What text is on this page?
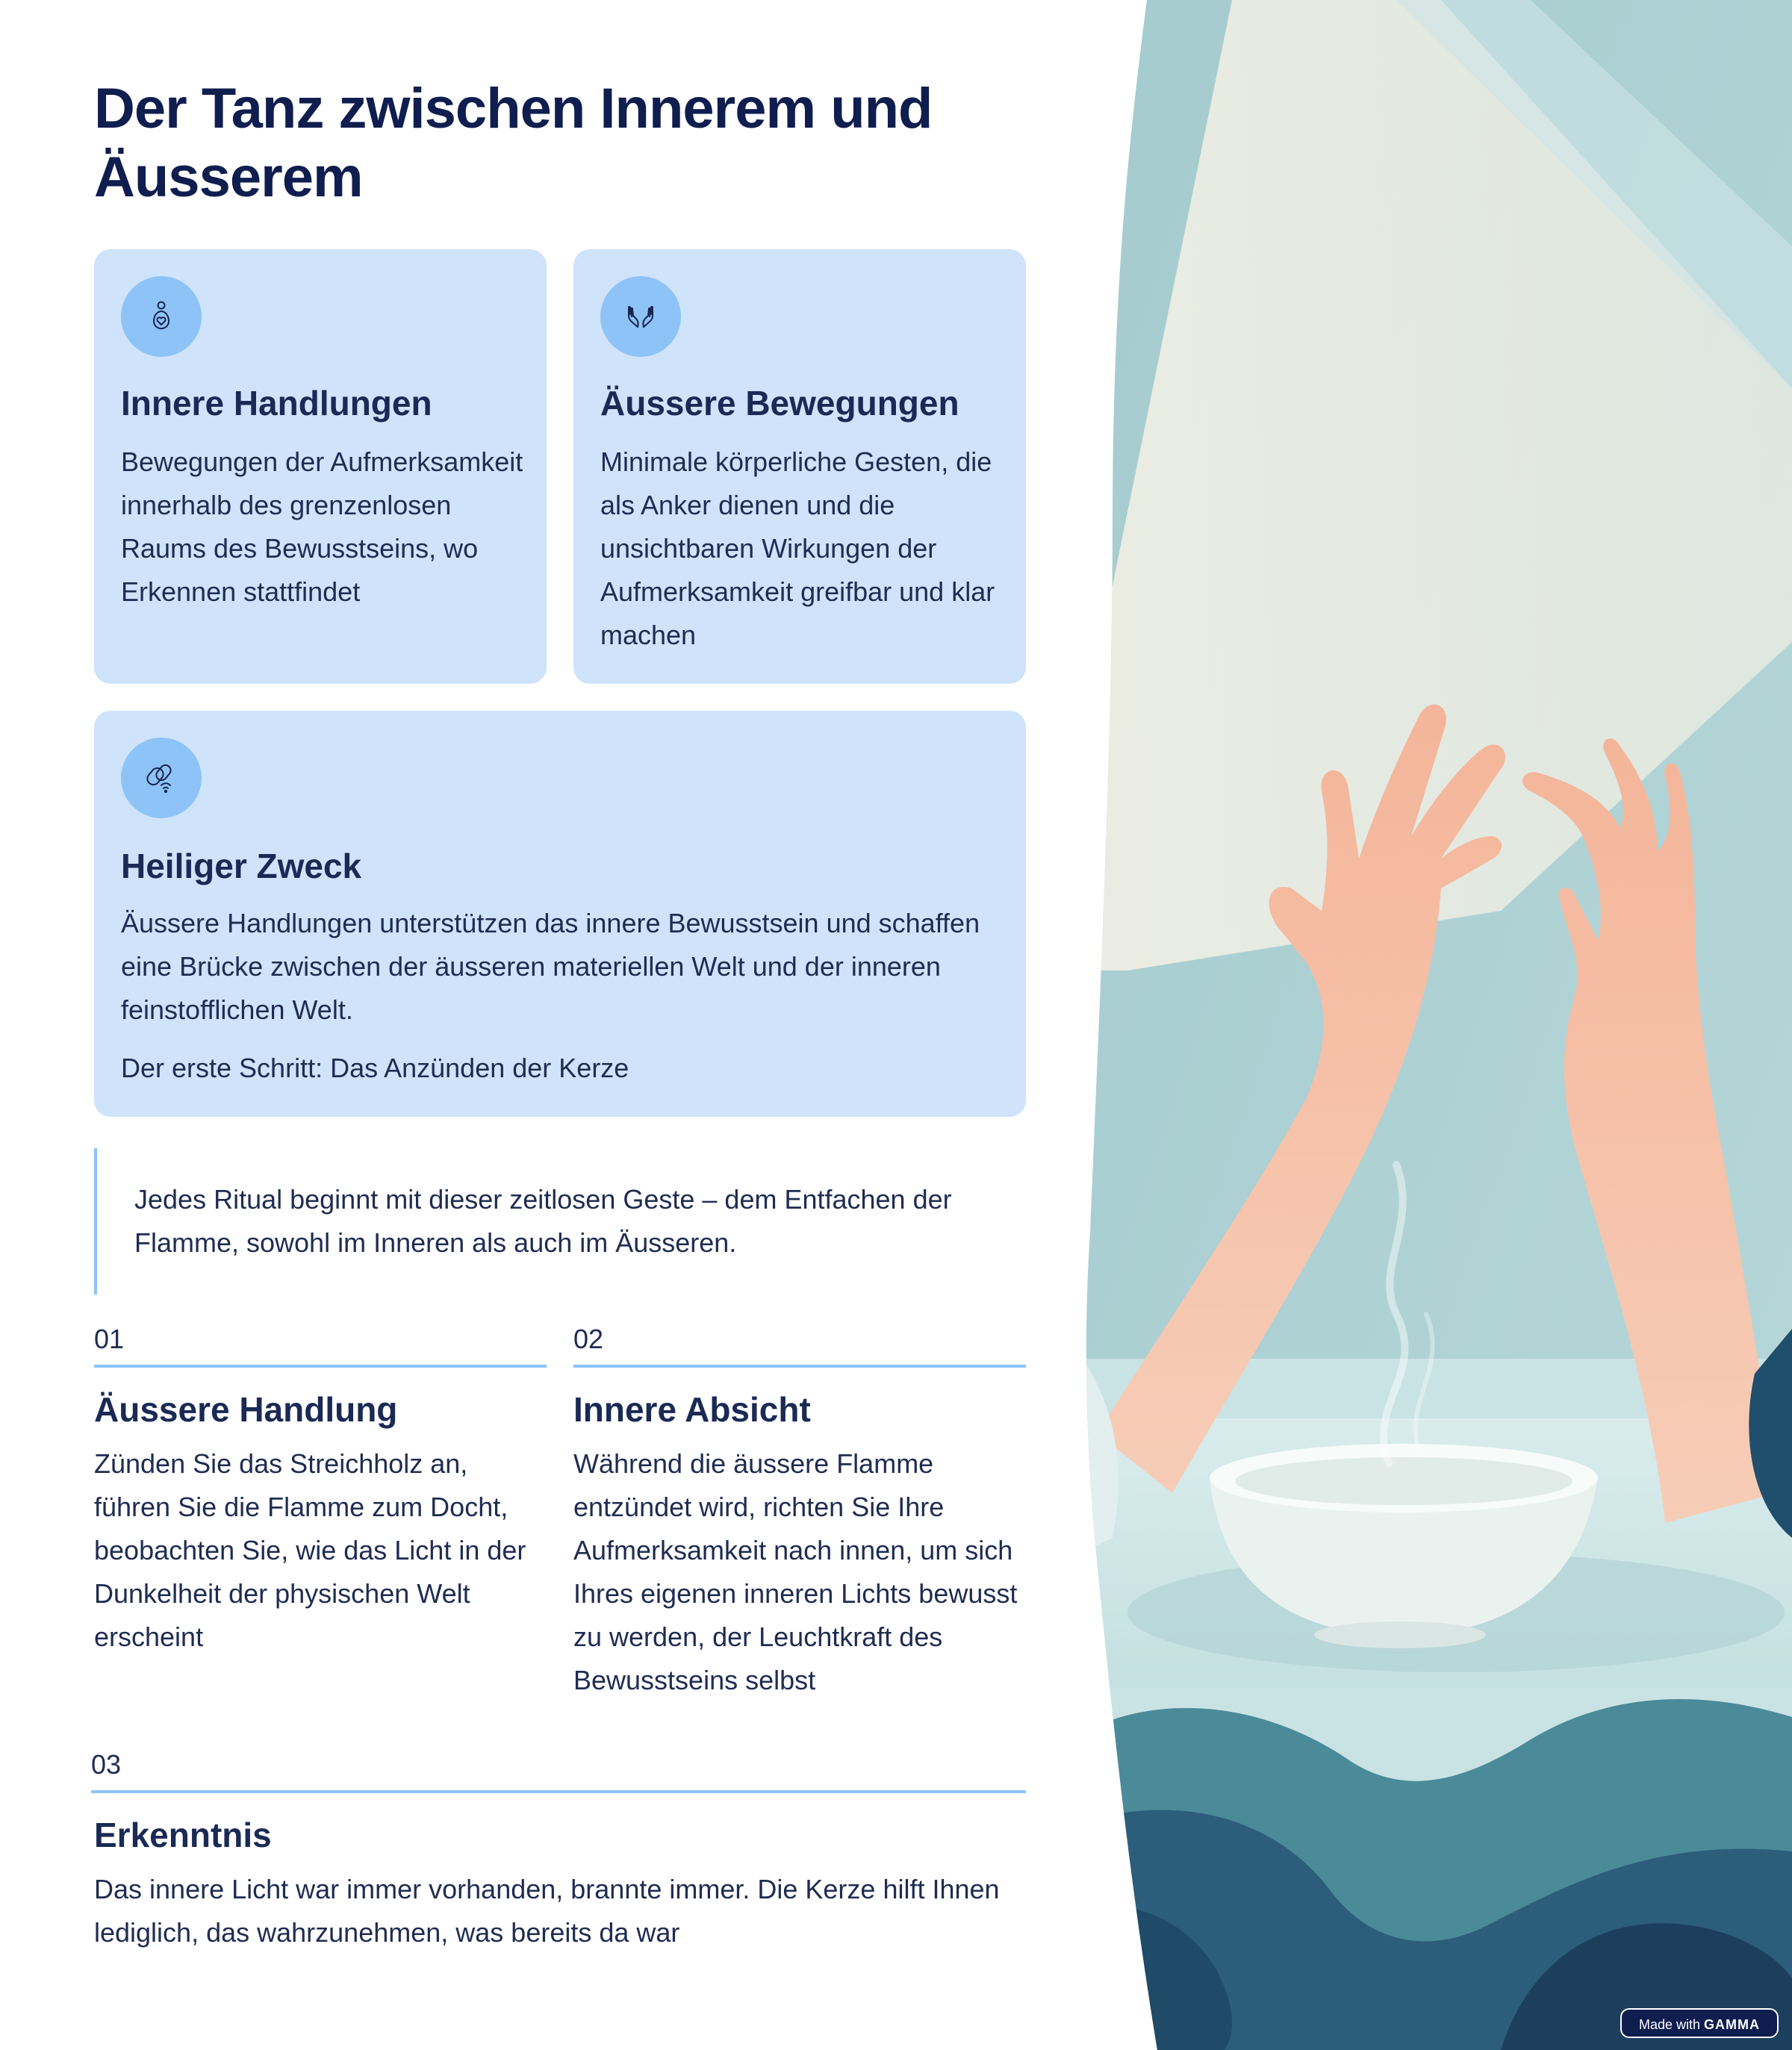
Der Tanz zwischen Innerem und Äusserem
Innere Handlungen

Bewegungen der Aufmerksamkeit innerhalb des grenzenlosen Raums des Bewusstseins, wo Erkennen stattfindet

Äussere Bewegungen

Minimale körperliche Gesten, die als Anker dienen und die unsichtbaren Wirkungen der Aufmerksamkeit greifbar und klar machen

Heiliger Zweck

Äussere Handlungen unterstützen das innere Bewusstsein und schaffen eine Brücke zwischen der äusseren materiellen Welt und der inneren feinstofflichen Welt.

Der erste Schritt: Das Anzünden der Kerze

Jedes Ritual beginnt mit dieser zeitlosen Geste – dem Entfachen der Flamme, sowohl im Inneren als auch im Äusseren.

01
Äussere Handlung

Zünden Sie das Streichholz an, führen Sie die Flamme zum Docht, beobachten Sie, wie das Licht in der Dunkelheit der physischen Welt erscheint

02
Innere Absicht

Während die äussere Flamme entzündet wird, richten Sie Ihre Aufmerksamkeit nach innen, um sich Ihres eigenen inneren Lichts bewusst zu werden, der Leuchtkraft des Bewusstseins selbst

03
Erkenntnis

Das innere Licht war immer vorhanden, brannte immer. Die Kerze hilft Ihnen lediglich, das wahrzunehmen, was bereits da war

Made with GAMMA
